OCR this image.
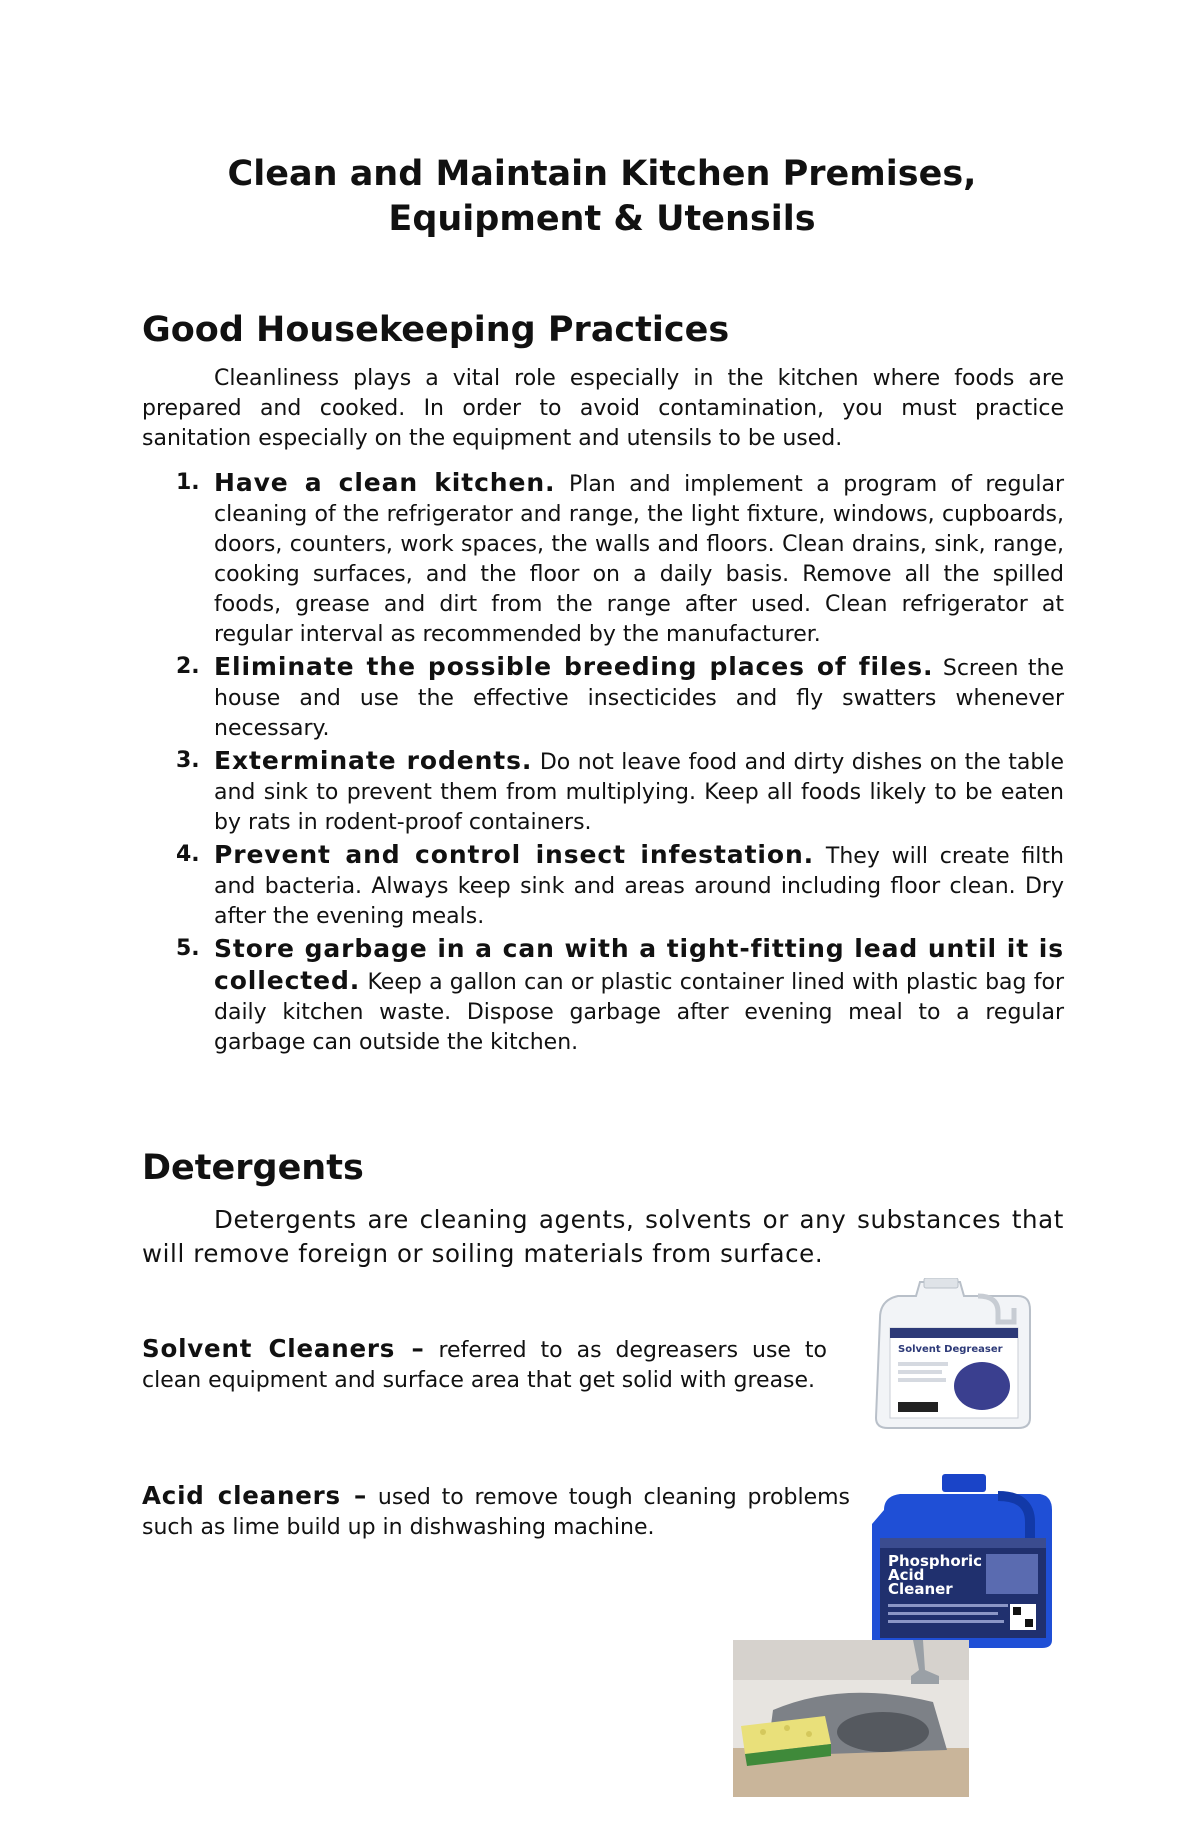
Clean and Maintain Kitchen Premises,
Equipment & Utensils
Good Housekeeping Practices

Cleanliness plays a vital role especially in the kitchen where foods are prepared and cooked. In order to avoid contamination, you must practice sanitation especially on the equipment and utensils to be used.

1. Have a clean kitchen. Plan and implement a program of regular cleaning of the refrigerator and range, the light fixture, windows, cupboards, doors, counters, work spaces, the walls and floors. Clean drains, sink, range, cooking surfaces, and the floor on a daily basis. Remove all the spilled foods, grease and dirt from the range after used. Clean refrigerator at regular interval as recommended by the manufacturer.
2. Eliminate the possible breeding places of files. Screen the house and use the effective insecticides and fly swatters whenever necessary.
3. Exterminate rodents. Do not leave food and dirty dishes on the table and sink to prevent them from multiplying. Keep all foods likely to be eaten by rats in rodent-proof containers.
4. Prevent and control insect infestation. They will create filth and bacteria. Always keep sink and areas around including floor clean. Dry after the evening meals.
5. Store garbage in a can with a tight-fitting lead until it is collected. Keep a gallon can or plastic container lined with plastic bag for daily kitchen waste. Dispose garbage after evening meal to a regular garbage can outside the kitchen.
Detergents

Detergents are cleaning agents, solvents or any substances that will remove foreign or soiling materials from surface.

Solvent Cleaners – referred to as degreasers use to clean equipment and surface area that get solid with grease.

Acid cleaners – used to remove tough cleaning problems such as lime build up in dishwashing machine.

Solvent Degreaser
Phosphoric
Acid
Cleaner
